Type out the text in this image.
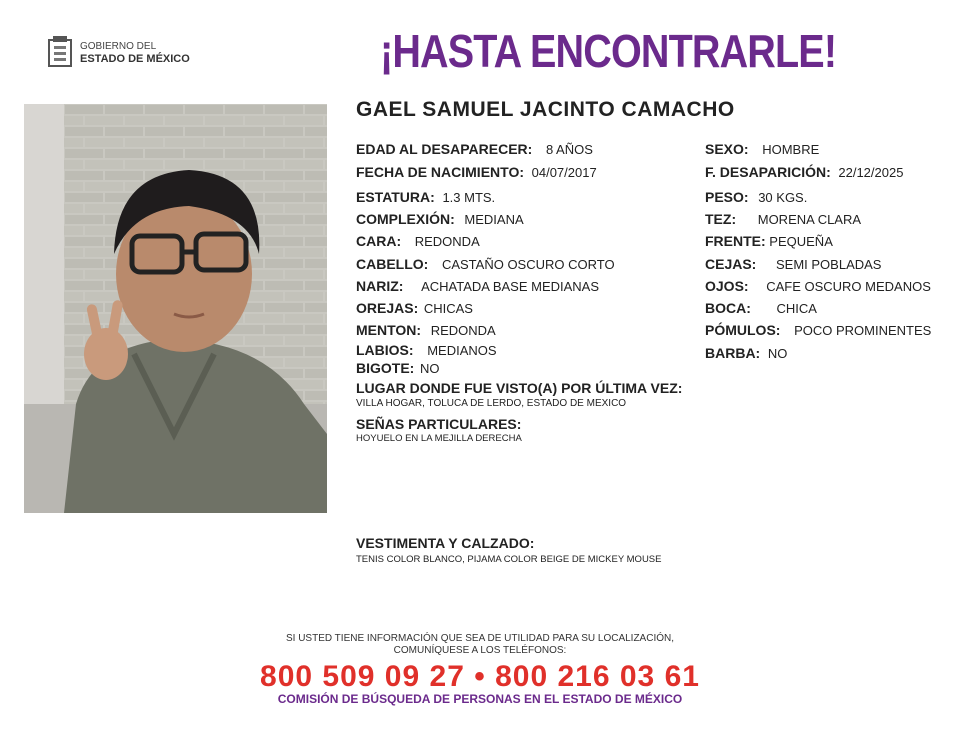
GOBIERNO DEL
ESTADO DE MÉXICO	¡HASTA ENCONTRARLE!
GAEL SAMUEL JACINTO CAMACHO
EDAD AL DESAPARECER: 8 AÑOS
FECHA DE NACIMIENTO: 04/07/2017
ESTATURA: 1.3 MTS.
COMPLEXIÓN: MEDIANA
CARA: REDONDA
CABELLO: CASTAÑO OSCURO CORTO
NARIZ: ACHATADA BASE MEDIANAS
OREJAS: CHICAS
MENTON: REDONDA
LABIOS: MEDIANOS
BIGOTE: NO
SEXO: HOMBRE
F. DESAPARICIÓN: 22/12/2025
PESO: 30 KGS.
TEZ: MORENA CLARA
FRENTE: PEQUEÑA
CEJAS: SEMI POBLADAS
OJOS: CAFE OSCURO MEDANOS
BOCA: CHICA
PÓMULOS: POCO PROMINENTES
BARBA: NO
LUGAR DONDE FUE VISTO(A) POR ÚLTIMA VEZ:
VILLA HOGAR, TOLUCA DE LERDO, ESTADO DE MEXICO
SEÑAS PARTICULARES:
HOYUELO EN LA MEJILLA DERECHA
VESTIMENTA Y CALZADO:
TENIS COLOR BLANCO, PIJAMA COLOR BEIGE DE MICKEY MOUSE
SI USTED TIENE INFORMACIÓN QUE SEA DE UTILIDAD PARA SU LOCALIZACIÓN,
COMUNÍQUESE A LOS TELÉFONOS:
800 509 09 27 • 800 216 03 61
COMISIÓN DE BÚSQUEDA DE PERSONAS EN EL ESTADO DE MÉXICO
